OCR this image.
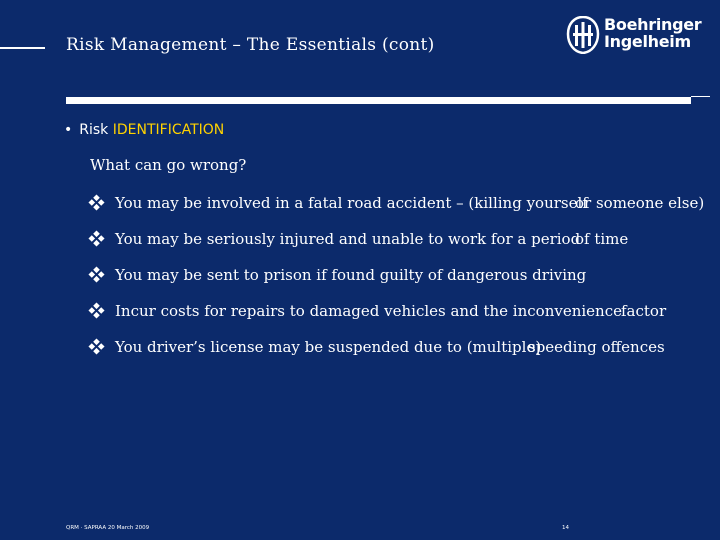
Risk Management – The Essentials (cont)
Boehringer
Ingelheim
• Risk IDENTIFICATION
What can go wrong?
You may be involved in a fatal road accident – (killing yourself
or someone else)
You may be seriously injured and unable to work for a period
of time
You may be sent to prison if found guilty of dangerous driving
Incur costs for repairs to damaged vehicles and the inconvenience factor
You driver’s license may be suspended due to (multiple)
speeding offences
QRM · SAPRAA 20 March 2009	14
